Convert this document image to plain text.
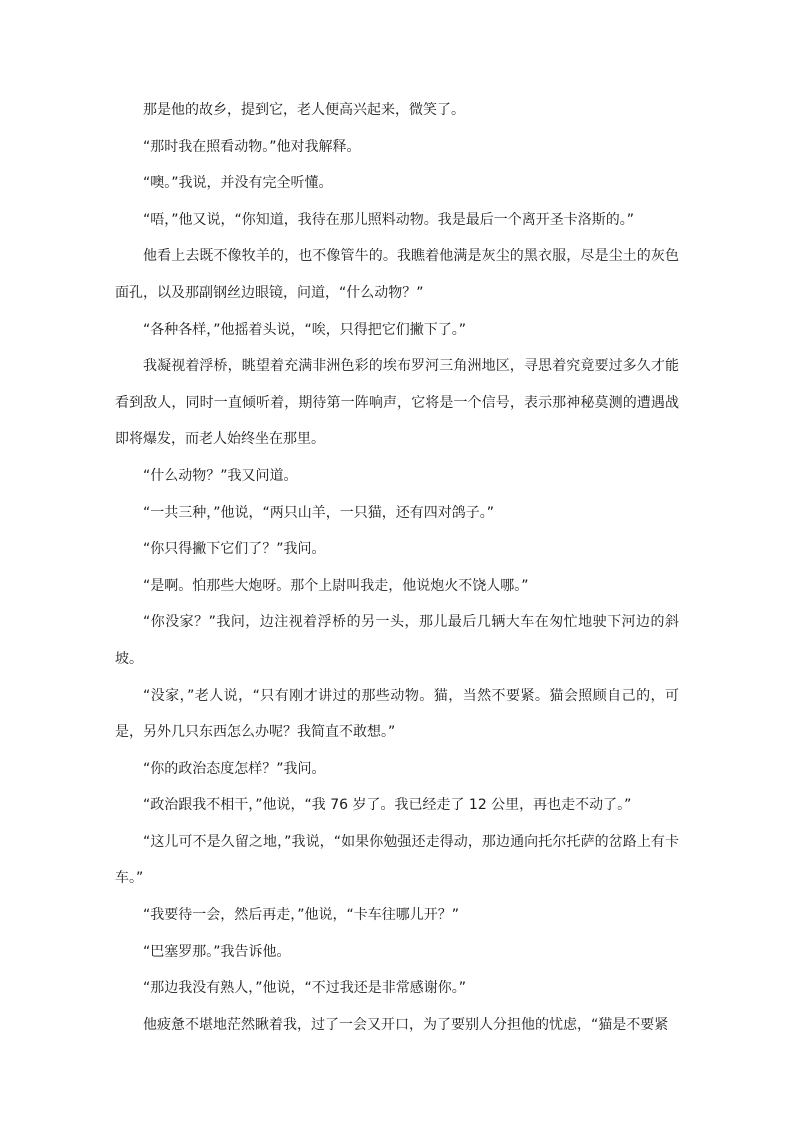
那是他的故乡，提到它，老人便高兴起来，微笑了。

“那时我在照看动物。”他对我解释。

“噢。”我说，并没有完全听懂。

“唔，”他又说，“你知道，我待在那儿照料动物。我是最后一个离开圣卡洛斯的。”

他看上去既不像牧羊的，也不像管牛的。我瞧着他满是灰尘的黑衣服，尽是尘土的灰色面孔，以及那副钢丝边眼镜，问道，“什么动物？”

“各种各样，”他摇着头说，“唉，只得把它们撇下了。”

我凝视着浮桥，眺望着充满非洲色彩的埃布罗河三角洲地区，寻思着究竟要过多久才能看到敌人，同时一直倾听着，期待第一阵响声，它将是一个信号，表示那神秘莫测的遭遇战即将爆发，而老人始终坐在那里。

“什么动物？”我又问道。

“一共三种，”他说，“两只山羊，一只猫，还有四对鸽子。”

“你只得撇下它们了？”我问。

“是啊。怕那些大炮呀。那个上尉叫我走，他说炮火不饶人哪。”

“你没家？”我问，边注视着浮桥的另一头，那儿最后几辆大车在匆忙地驶下河边的斜坡。

“没家，”老人说，“只有刚才讲过的那些动物。猫，当然不要紧。猫会照顾自己的，可是，另外几只东西怎么办呢？我简直不敢想。”

“你的政治态度怎样？”我问。

“政治跟我不相干，”他说，“我 76 岁了。我已经走了 12 公里，再也走不动了。”

“这儿可不是久留之地，”我说，“如果你勉强还走得动，那边通向托尔托萨的岔路上有卡车。”

“我要待一会，然后再走，”他说，“卡车往哪儿开？”

“巴塞罗那。”我告诉他。

“那边我没有熟人，”他说，“不过我还是非常感谢你。”

他疲惫不堪地茫然瞅着我，过了一会又开口，为了要别人分担他的忧虑，“猫是不要紧
